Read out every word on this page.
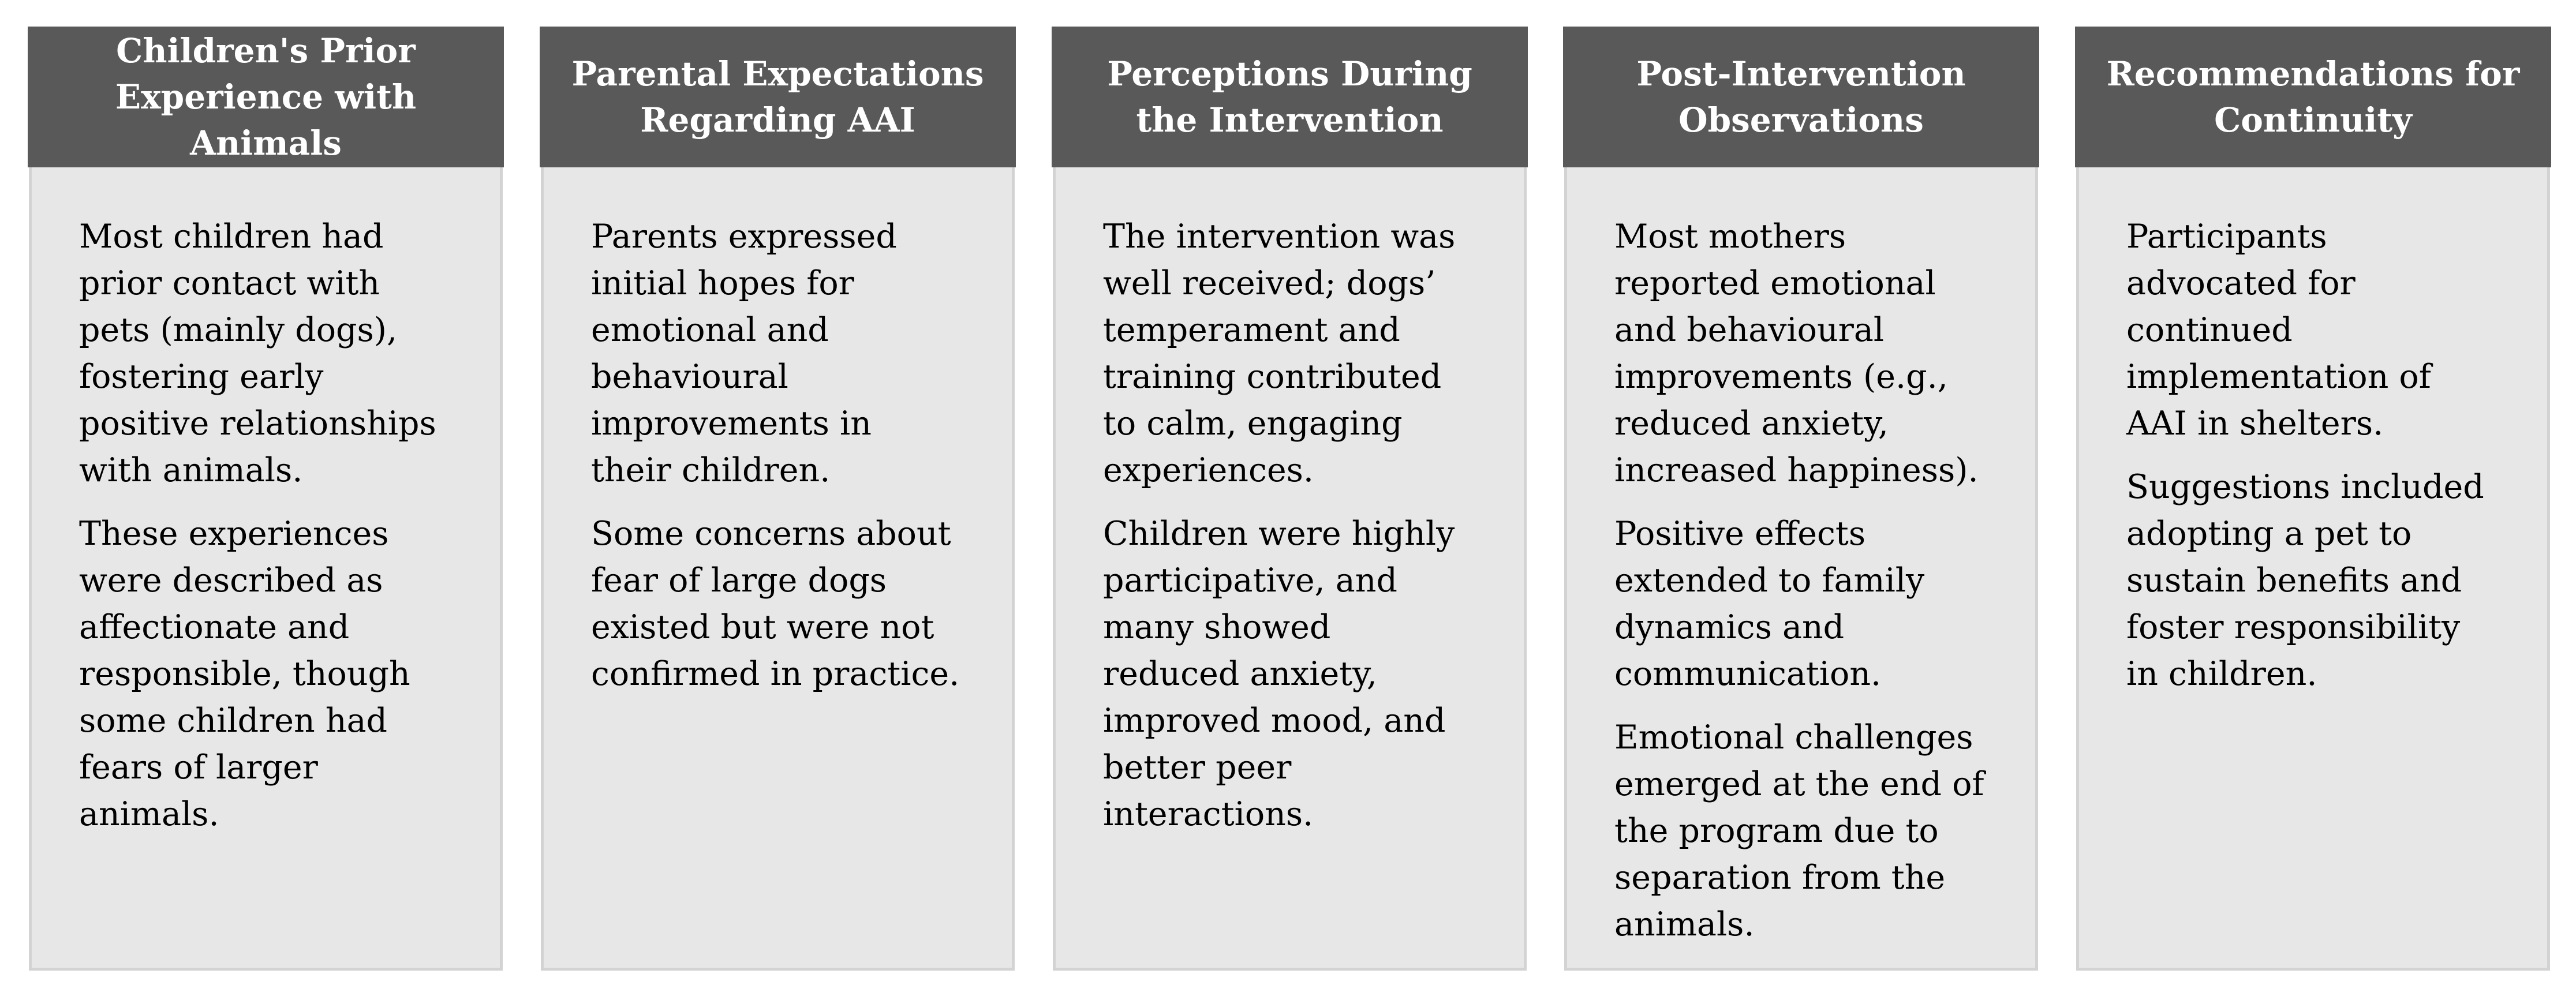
Children's Prior
Experience with
Animals

Most children had
prior contact with
pets (mainly dogs),
fostering early
positive relationships
with animals.

These experiences
were described as
affectionate and
responsible, though
some children had
fears of larger
animals.

Parental Expectations
Regarding AAI

Parents expressed
initial hopes for
emotional and
behavioural
improvements in
their children.

Some concerns about
fear of large dogs
existed but were not
confirmed in practice.

Perceptions During
the Intervention

The intervention was
well received; dogs’
temperament and
training contributed
to calm, engaging
experiences.

Children were highly
participative, and
many showed
reduced anxiety,
improved mood, and
better peer
interactions.

Post-Intervention
Observations

Most mothers
reported emotional
and behavioural
improvements (e.g.,
reduced anxiety,
increased happiness).

Positive effects
extended to family
dynamics and
communication.

Emotional challenges
emerged at the end of
the program due to
separation from the
animals.

Recommendations for
Continuity

Participants
advocated for
continued
implementation of
AAI in shelters.

Suggestions included
adopting a pet to
sustain benefits and
foster responsibility
in children.
